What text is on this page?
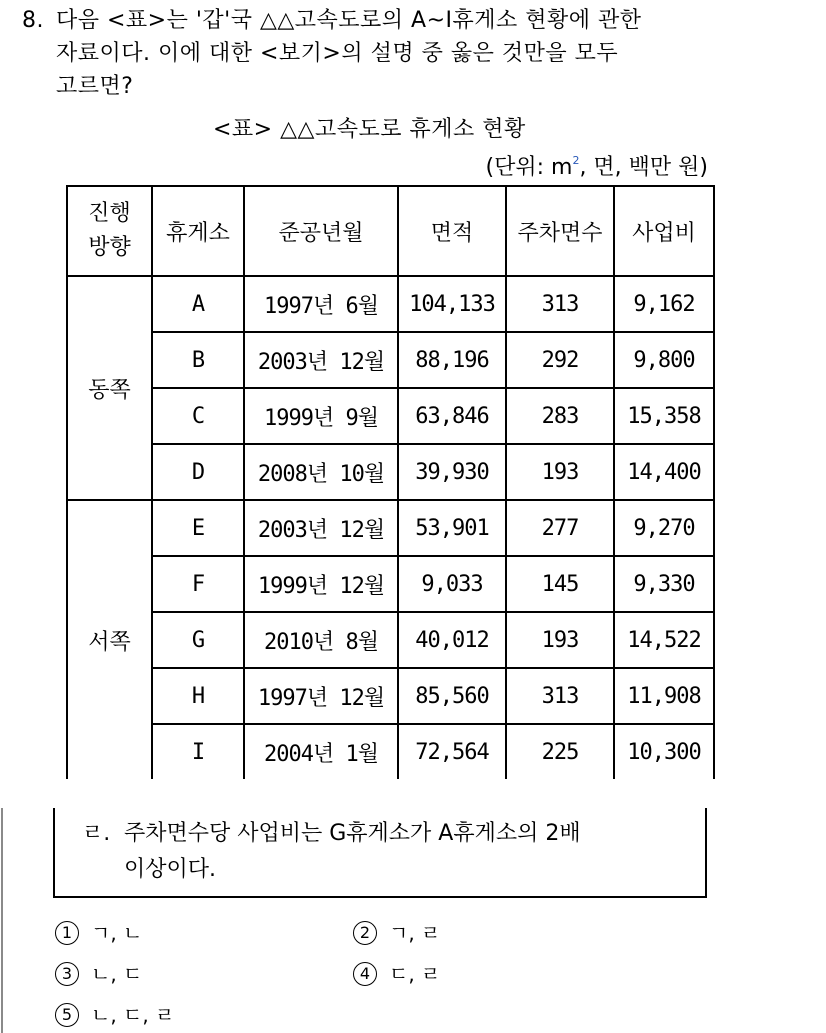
8. 다음 <표>는 '갑'국 △△고속도로의 A~I휴게소 현황에 관한
자료이다. 이에 대한 <보기>의 설명 중 옳은 것만을 모두
고르면?
<표> △△고속도로 휴게소 현황
(단위: $m^2$, 면, 백만 원)
진행
방향	휴게소	준공년월	면적	주차면수	사업비
동쪽	A	1997년 6월	104,133	313	9,162
	B	2003년 12월	88,196	292	9,800
	C	1999년 9월	63,846	283	15,358
	D	2008년 10월	39,930	193	14,400
서쪽	E	2003년 12월	53,901	277	9,270
	F	1999년 12월	9,033	145	9,330
	G	2010년 8월	40,012	193	14,522
	H	1997년 12월	85,560	313	11,908
	I	2004년 1월	72,564	225	10,300
ㄹ. 주차면수당 사업비는 G휴게소가 A휴게소의 2배
이상이다.
1 ㄱ, ㄴ	2 ㄱ, ㄹ
3 ㄴ, ㄷ	4 ㄷ, ㄹ
5 ㄴ, ㄷ, ㄹ
